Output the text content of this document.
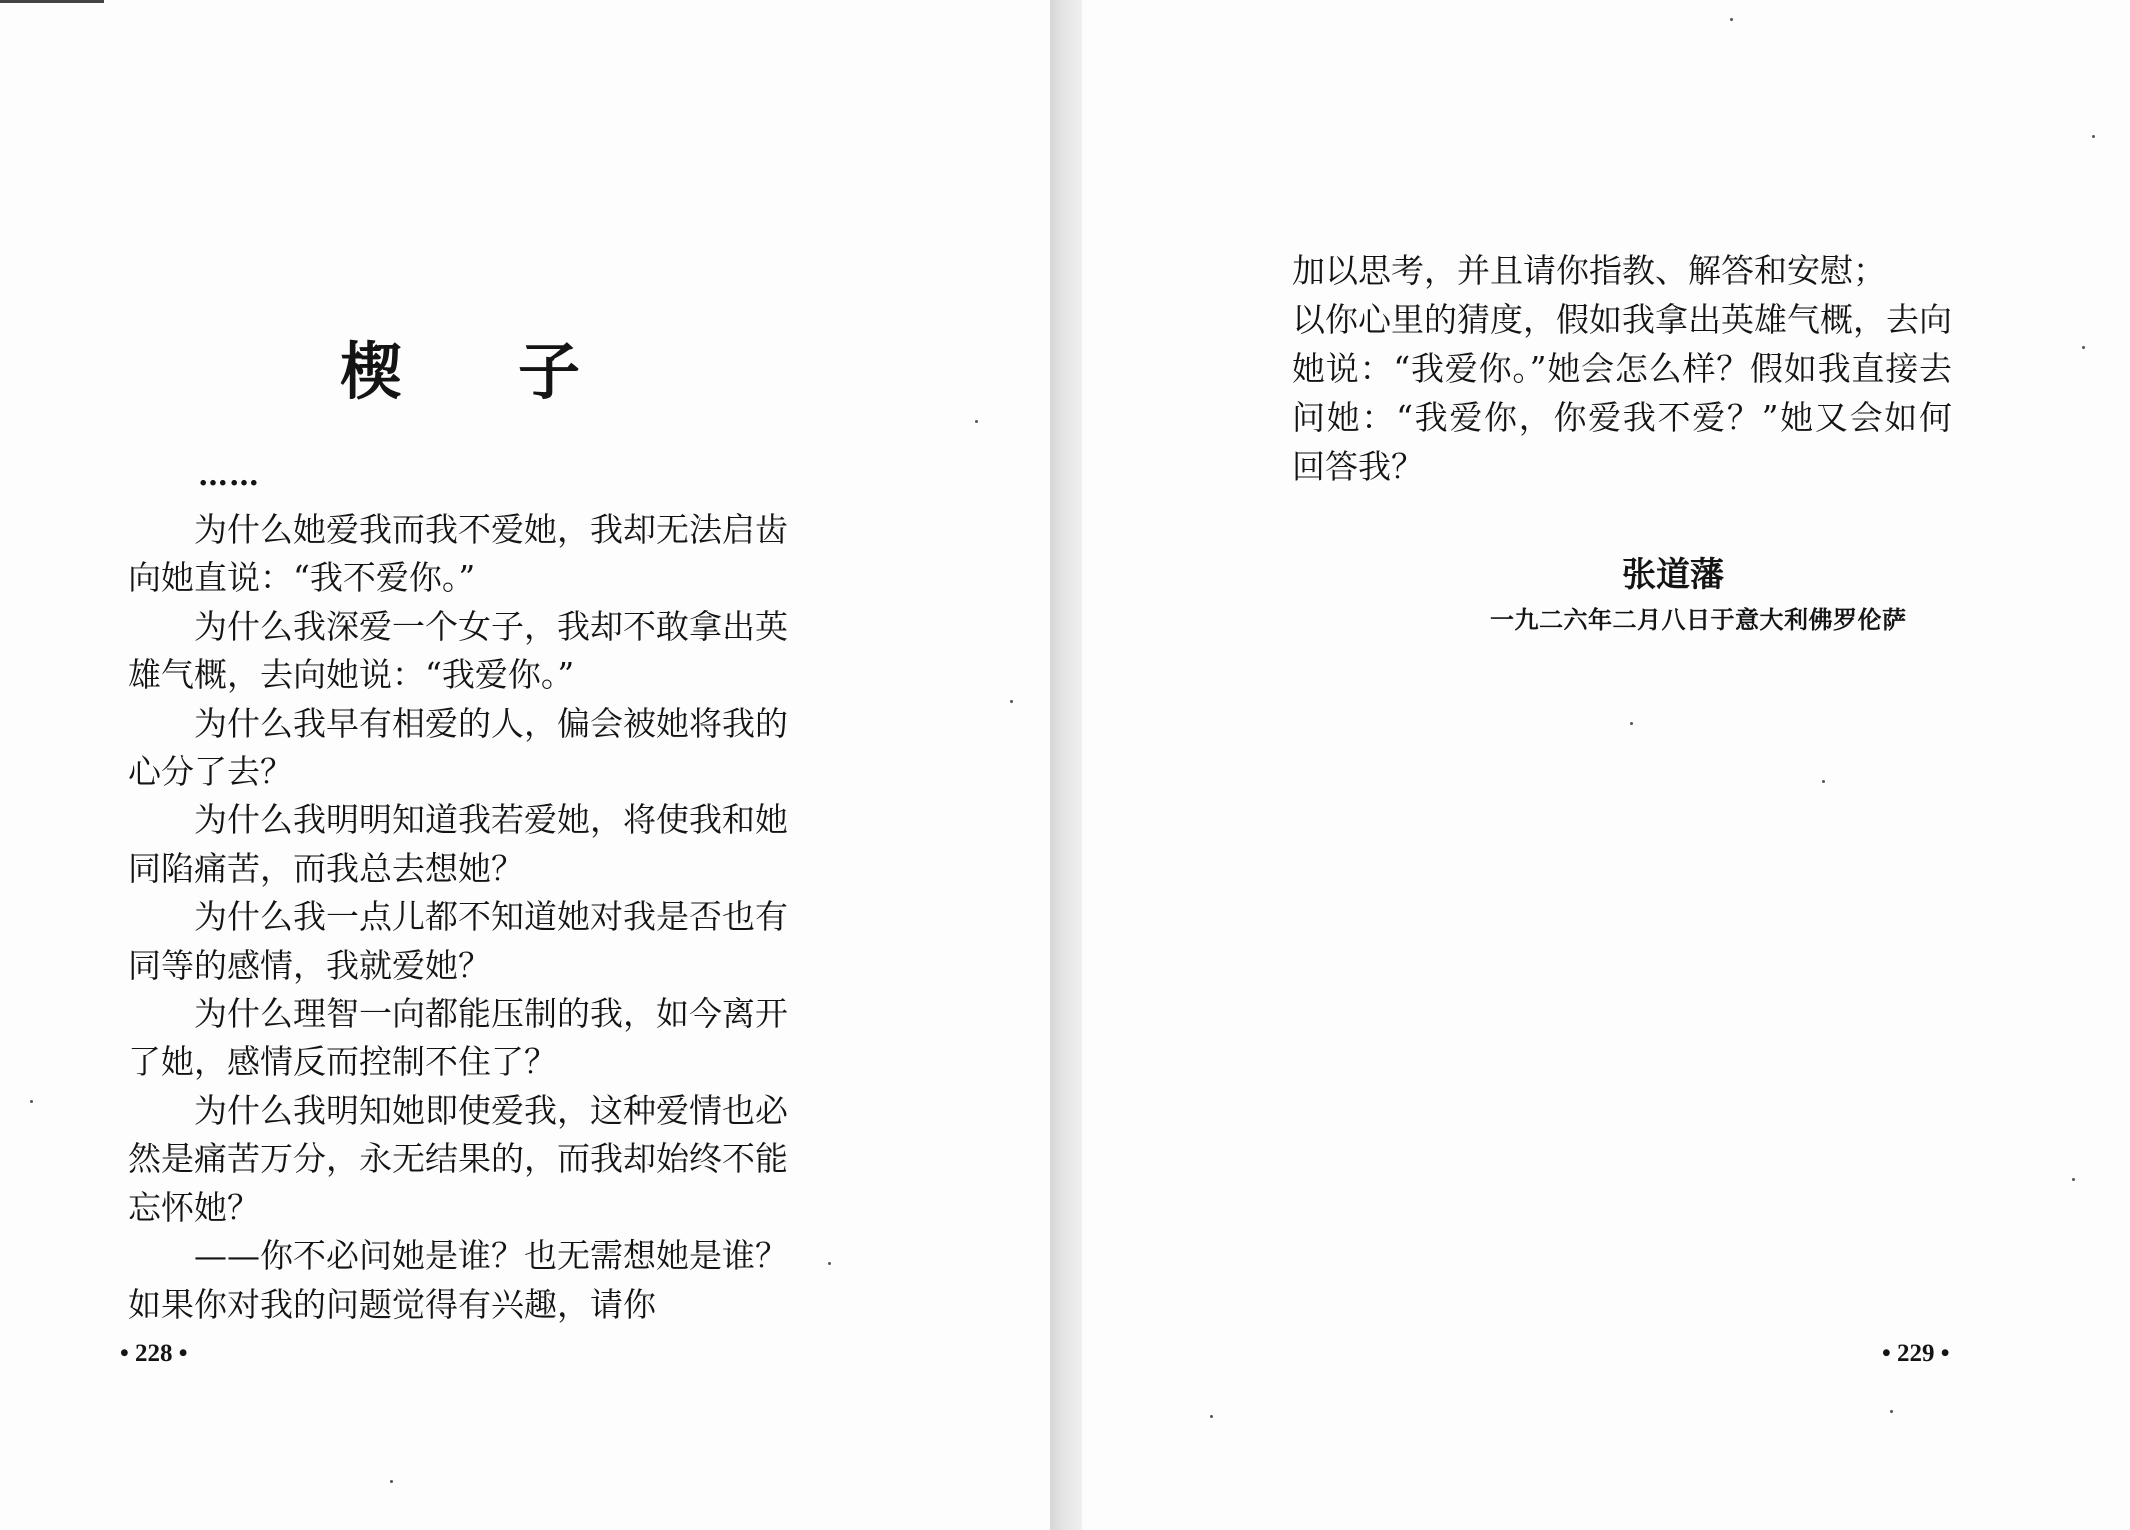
楔 子
……

为什么她爱我而我不爱她，我却无法启齿向她直说：“我不爱你。”

为什么我深爱一个女子，我却不敢拿出英雄气概，去向她说：“我爱你。”

为什么我早有相爱的人，偏会被她将我的心分了去？

为什么我明明知道我若爱她，将使我和她同陷痛苦，而我总去想她？

为什么我一点儿都不知道她对我是否也有同等的感情，我就爱她？

为什么理智一向都能压制的我，如今离开了她，感情反而控制不住了？

为什么我明知她即使爱我，这种爱情也必然是痛苦万分，永无结果的，而我却始终不能忘怀她？

——你不必问她是谁？也无需想她是谁？如果你对我的问题觉得有兴趣，请你

• 228 •

加以思考，并且请你指教、解答和安慰；

以你心里的猜度，假如我拿出英雄气概，去向她说：“我爱你。”她会怎么样？假如我直接去问她：“我爱你，你爱我不爱？”她又会如何回答我？

张道藩
一九二六年二月八日于意大利佛罗伦萨
• 229 •
